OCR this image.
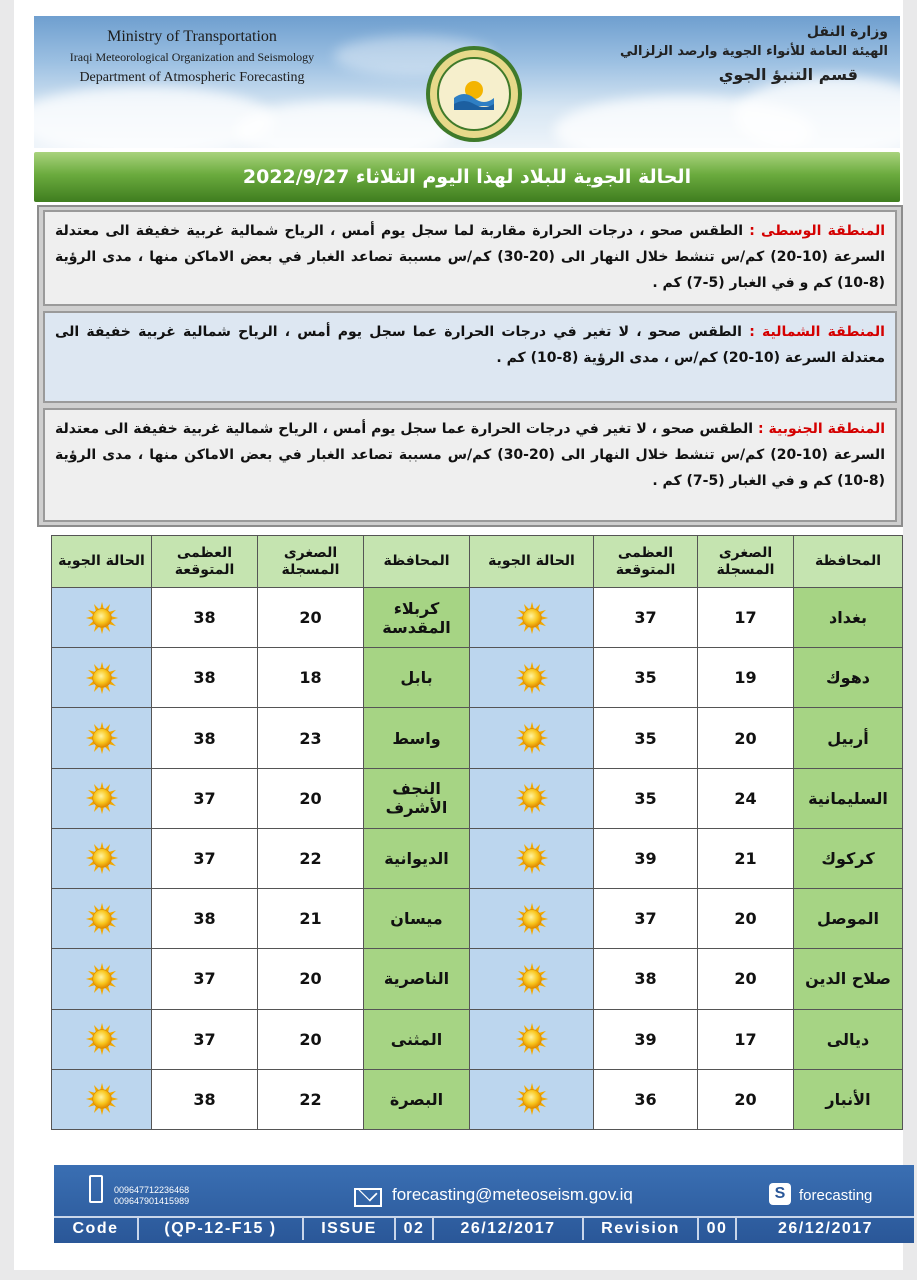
Ministry of Transportation
Iraqi Meteorological Organization and Seismology
Department of Atmospheric Forecasting
وزارة النقل
الهيئة العامة للأنواء الجوية وارصد الزلزالي
قسم التنبؤ الجوي
الحالة الجوية للبلاد لهذا اليوم الثلاثاء 2022/9/27
المنطقة الوسطى : الطقس صحو ، درجات الحرارة مقاربة لما سجل يوم أمس ، الرياح شمالية غربية خفيفة الى معتدلة السرعة (10-20) كم/س تنشط خلال النهار الى (20-30) كم/س مسببة تصاعد الغبار في بعض الاماكن منها ، مدى الرؤية (8-10) كم و في الغبار (5-7) كم .
المنطقة الشمالية : الطقس صحو ، لا تغير في درجات الحرارة عما سجل يوم أمس ، الرياح شمالية غربية خفيفة الى معتدلة السرعة (10-20) كم/س ، مدى الرؤية (8-10) كم .
المنطقة الجنوبية : الطقس صحو ، لا تغير في درجات الحرارة عما سجل يوم أمس ، الرياح شمالية غربية خفيفة الى معتدلة السرعة (10-20) كم/س تنشط خلال النهار الى (20-30) كم/س مسببة تصاعد الغبار في بعض الاماكن منها ، مدى الرؤية (8-10) كم و في الغبار (5-7) كم .
المحافظة	الصغرى المسجلة	العظمى المتوقعة	الحالة الجوية	المحافظة	الصغرى المسجلة	العظمى المتوقعة	الحالة الجوية
بغداد	17	37		كربلاء المقدسة	20	38	

دهوك	19	35		بابل	18	38	

أربيل	20	35		واسط	23	38	

السليمانية	24	35		النجف الأشرف	20	37	

كركوك	21	39		الديوانية	22	37	

الموصل	20	37		ميسان	21	38	

صلاح الدين	20	38		الناصرية	20	37	

ديالى	17	39		المثنى	20	37	

الأنبار	20	36		البصرة	22	38	
009647712236468
009647901415989	forecasting@meteoseism.gov.iq	S forecasting
Code	(QP-12-F15 )	ISSUE	02	26/12/2017	Revision	00	26/12/2017
